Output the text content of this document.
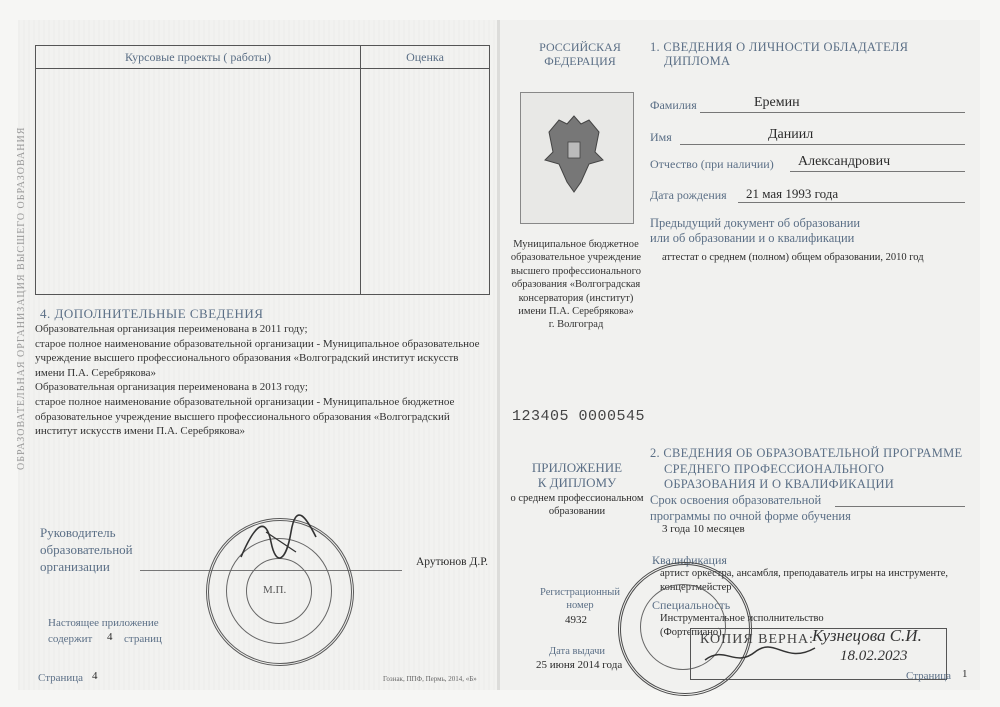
ОБРАЗОВАТЕЛЬНАЯ ОРГАНИЗАЦИЯ ВЫСШЕГО ОБРАЗОВАНИЯ
Курсовые проекты ( работы)	Оценка

4. ДОПОЛНИТЕЛЬНЫЕ СВЕДЕНИЯ
Образовательная организация переименована в 2011 году;
старое полное наименование образовательной организации - Муниципальное образовательное
учреждение высшего профессионального образования «Волгоградский институт искусств
имени П.А. Серебрякова»
Образовательная организация переименована в 2013 году;
старое полное наименование образовательной организации - Муниципальное бюджетное
образовательное учреждение высшего профессионального образования «Волгоградский
институт искусств имени П.А. Серебрякова»
Руководитель
образовательной
организации	Арутюнов Д.Р.
М.П.
Настоящее приложение
содержит 4 страниц
Страница 4	Гознак, ППФ, Пермь, 2014, «Б»
РОССИЙСКАЯ
ФЕДЕРАЦИЯ
Муниципальное бюджетное
образовательное учреждение
высшего профессионального
образования «Волгоградская
консерватория (институт)
имени П.А. Серебрякова»
г. Волгоград
123405 0000545
ПРИЛОЖЕНИЕ
К ДИПЛОМУ
о среднем профессиональном
образовании
Регистрационный
номер
4932
Дата выдачи
25 июня 2014 года
1. СВЕДЕНИЯ О ЛИЧНОСТИ ОБЛАДАТЕЛЯ
ДИПЛОМА
Фамилия	Еремин
Имя	Даниил
Отчество (при наличии) Александрович
Дата рождения 21 мая 1993 года
Предыдущий документ об образовании
или об образовании и о квалификации
аттестат о среднем (полном) общем образовании, 2010 год
2. СВЕДЕНИЯ ОБ ОБРАЗОВАТЕЛЬНОЙ ПРОГРАММЕ
СРЕДНЕГО ПРОФЕССИОНАЛЬНОГО
ОБРАЗОВАНИЯ И О КВАЛИФИКАЦИИ
Срок освоения образовательной
программы по очной форме обучения
3 года 10 месяцев
Квалификация
артист оркестра, ансамбля, преподаватель игры на инструменте,
концертмейстер
Специальность
Инструментальное исполнительство
(Фортепиано)
КОПИЯ ВЕРНА:
Кузнецова С.И.
18.02.2023
Страница 1
